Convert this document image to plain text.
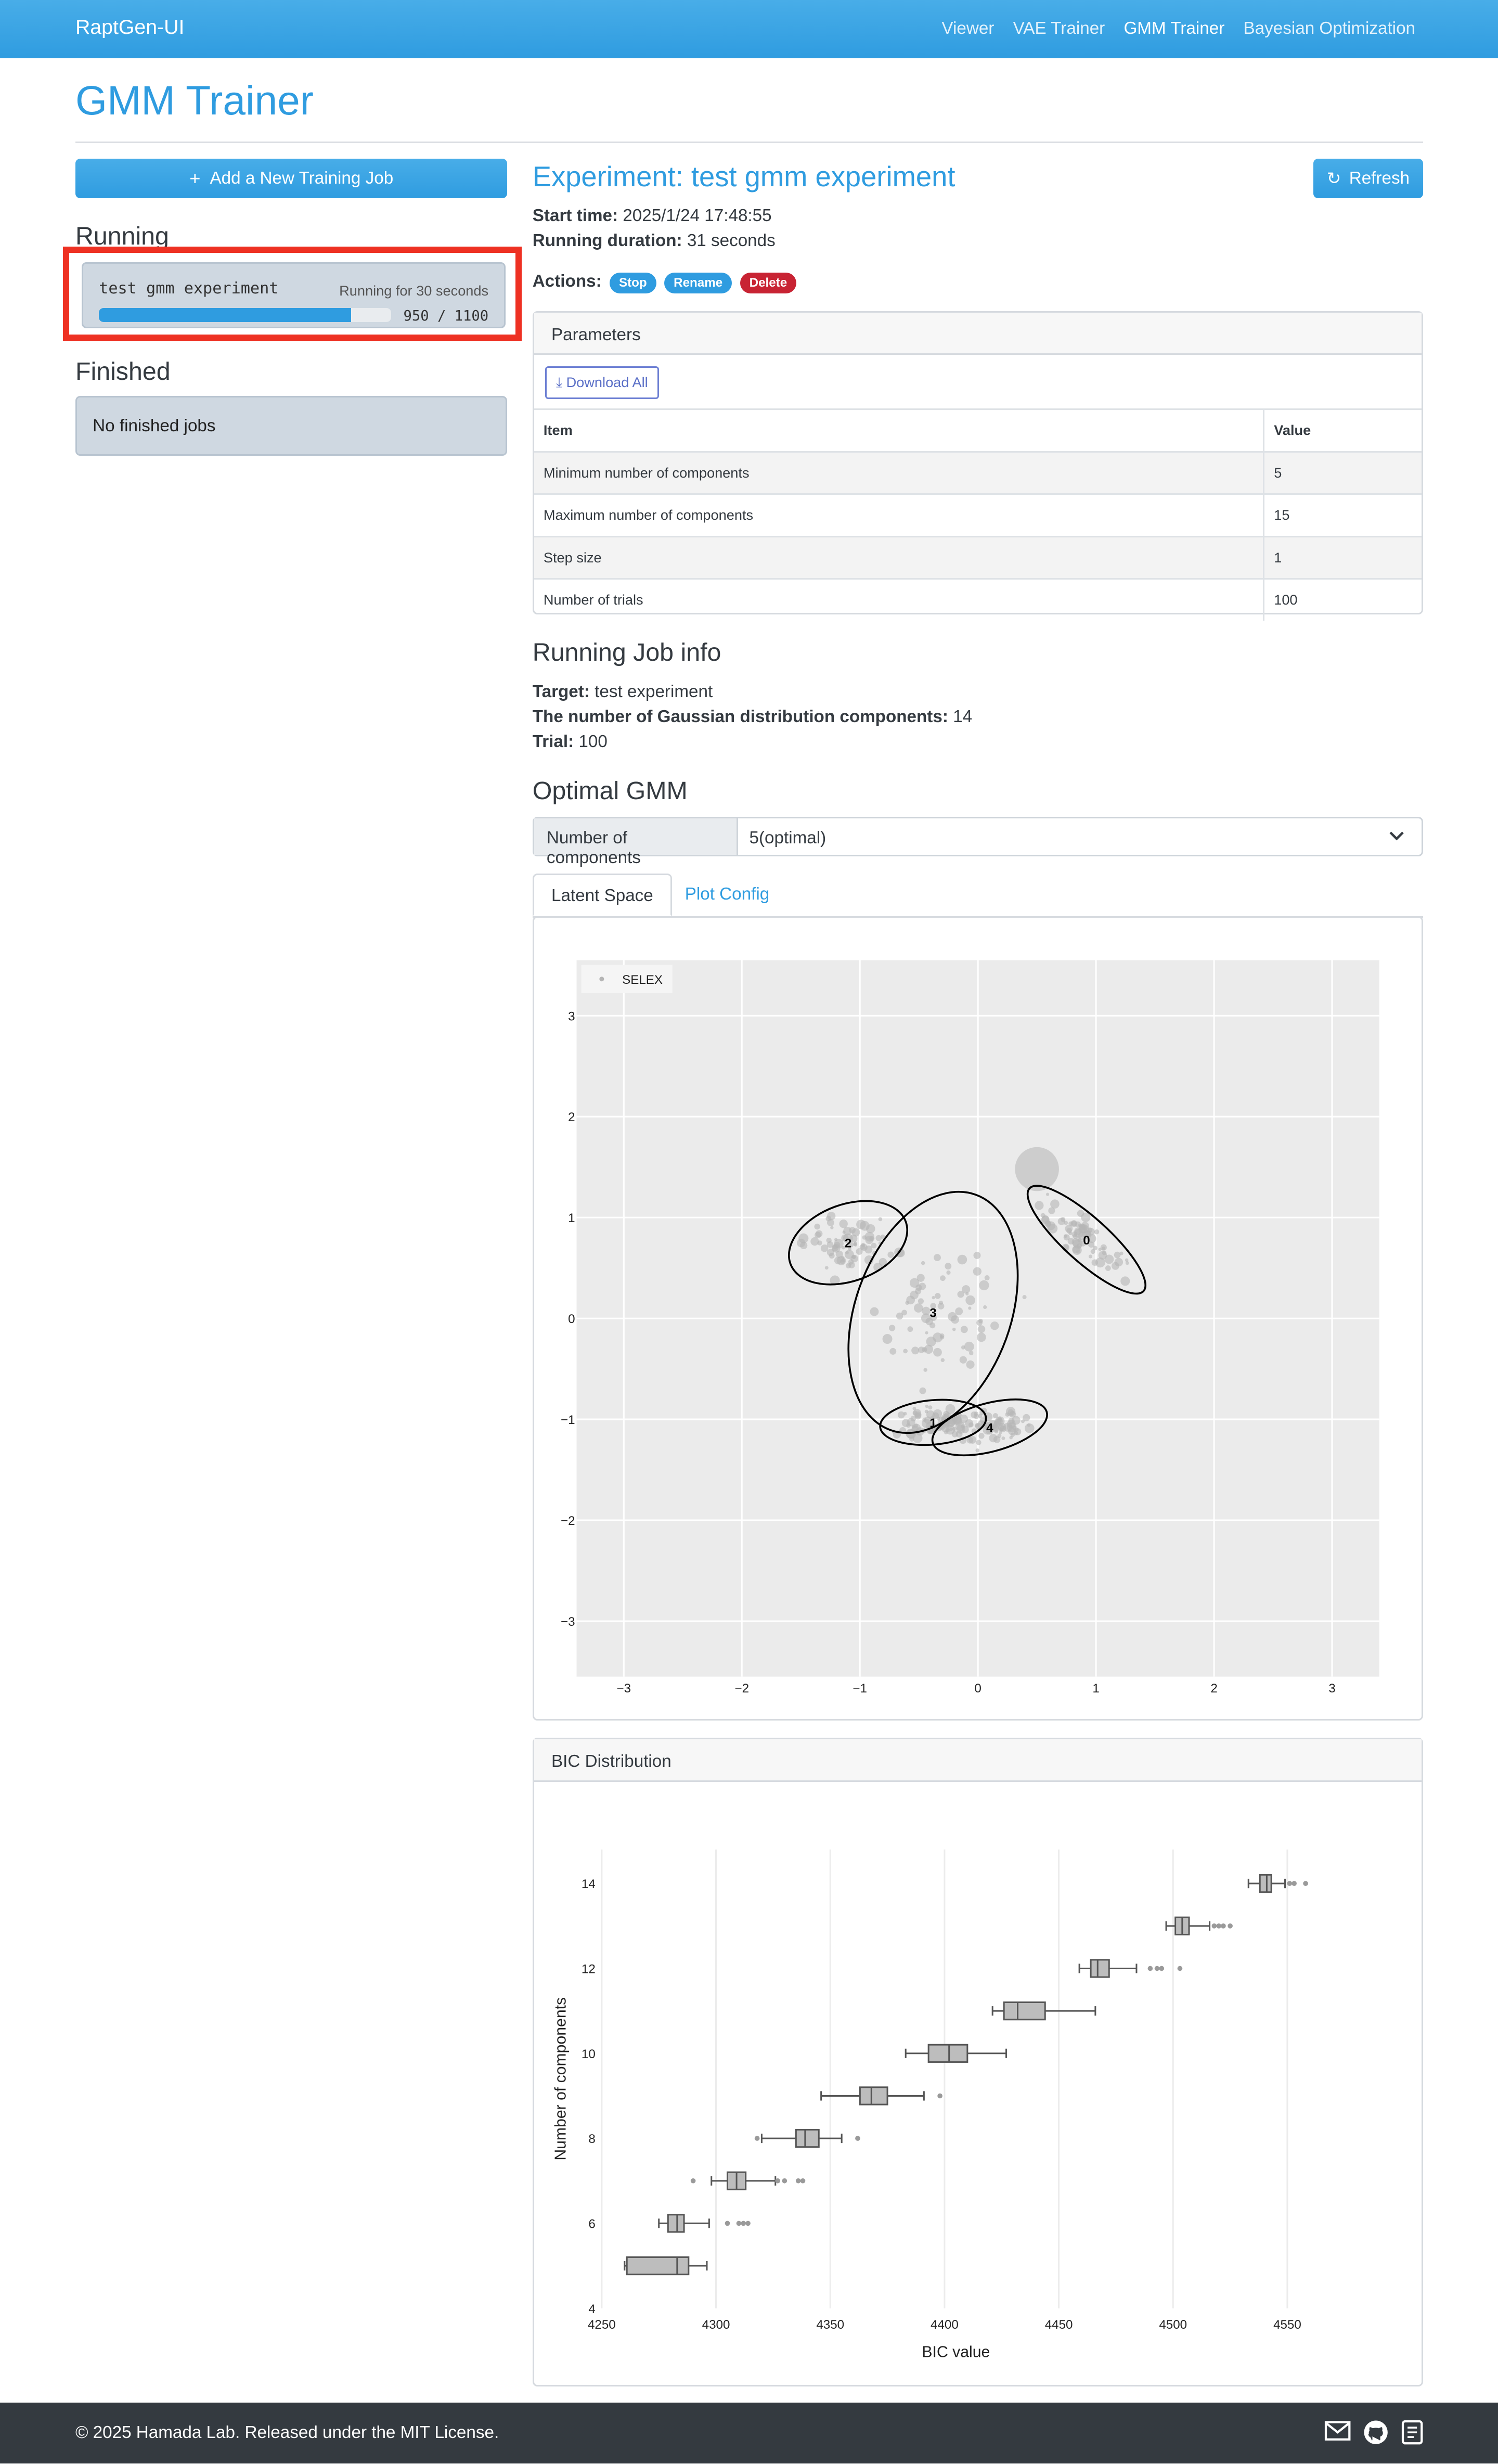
RaptGen-UI	Viewer	VAE Trainer	GMM Trainer	Bayesian Optimization
GMM Trainer
+ Add a New Training Job
Running
test gmm experiment	Running for 30 seconds
950 / 1100
Finished
No finished jobs
Experiment: test gmm experiment	↻ Refresh
Start time: 2025/1/24 17:48:55
Running duration: 31 seconds
Actions:	Stop	Rename	Delete
Parameters
⤓ Download All
Item	Value
Minimum number of components	5
Maximum number of components	15
Step size	1
Number of trials	100
Running Job info
Target: test experiment
The number of Gaussian distribution components: 14
Trial: 100
Optimal GMM
Number of components
5(optimal)
Latent Space	Plot Config
−3	−2	−1	0	1	2	3
−3
−2
−1
0
1
2
3
0
1
2
3
4
SELEX
BIC Distribution
4250	4300	4350	4400	4450	4500	4550
4
6
8
10
12
14
BIC value
Number of components
© 2025 Hamada Lab. Released under the MIT License.
